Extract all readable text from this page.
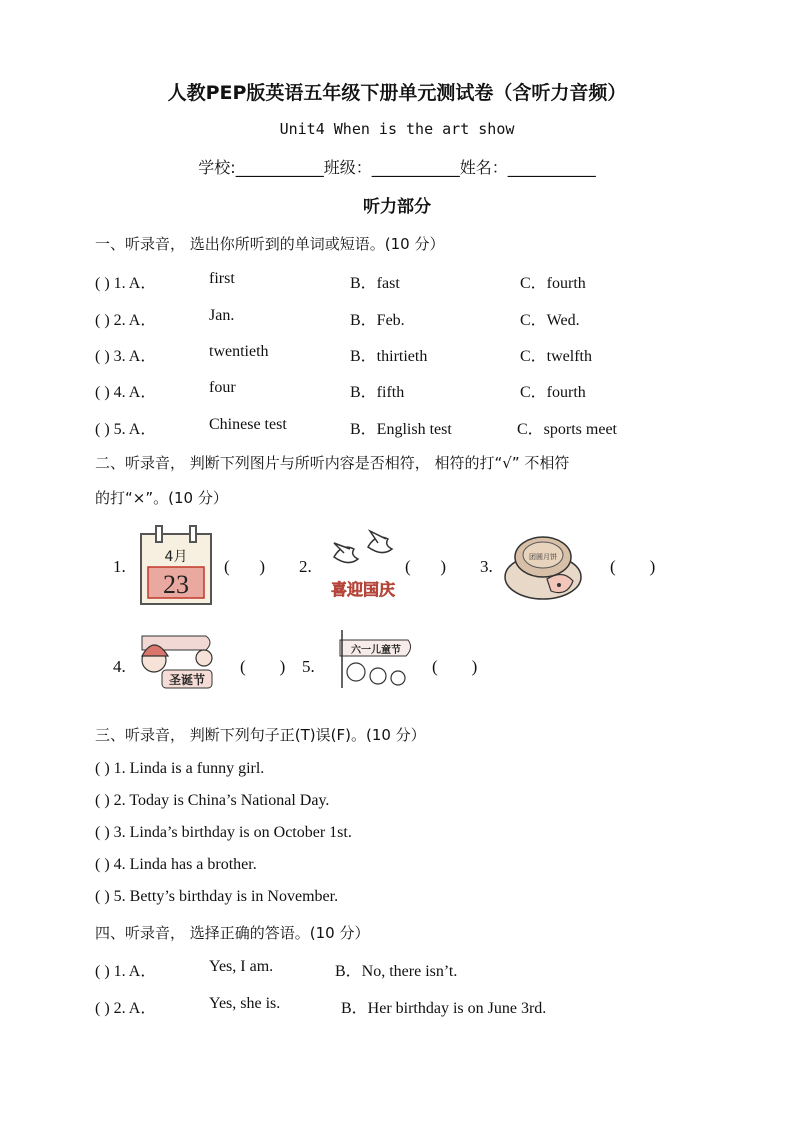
人教PEP版英语五年级下册单元测试卷（含听力音频）
Unit4 When is the art show
学校:___________班级：___________姓名：___________
听力部分
一、听录音， 选出你所听到的单词或短语。(10 分）
( ) 1. A．	first	B．fast	C．fourth
( ) 2. A．	Jan.	B．Feb.	C．Wed.
( ) 3. A．	twentieth	B．thirtieth	C．twelfth
( ) 4. A．	four	B．fifth	C．fourth
( ) 5. A．	Chinese test	B．English test	C．sports meet
二、听录音， 判断下列图片与所听内容是否相符， 相符的打“√” 不相符
的打“×”。(10 分）
1.	(       ) 2.	(       ) 3.	(        )
4月
23	喜迎国庆
团圆月饼
4.	(        ) 5.	(        )
圣诞节
六一儿童节
三、听录音， 判断下列句子正(T)误(F)。(10 分）
( ) 1. Linda is a funny girl.
( ) 2. Today is China’s National Day.
( ) 3. Linda’s birthday is on October 1st.
( ) 4. Linda has a brother.
( ) 5. Betty’s birthday is in November.
四、听录音， 选择正确的答语。(10 分）
( ) 1. A．	Yes, I am.	B．No, there isn’t.
( ) 2. A．	Yes, she is.	B．Her birthday is on June 3rd.
